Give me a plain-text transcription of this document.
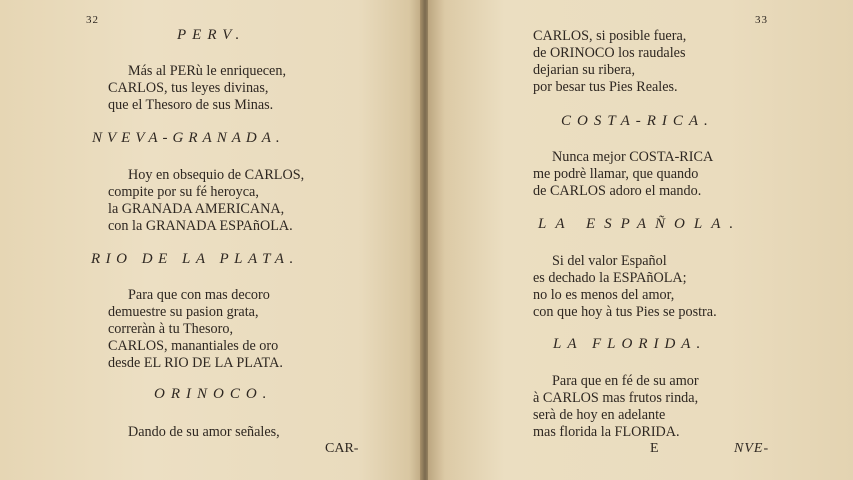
32
PERV.
Más al PERù le enriquecen,
CARLOS, tus leyes divinas,
que el Thesoro de sus Minas.
NVEVA-GRANADA.
Hoy en obsequio de CARLOS,
compite por su fé heroyca,
la GRANADA AMERICANA,
con la GRANADA ESPAñOLA.
RIO DE LA PLATA.
Para que con mas decoro
demuestre su pasion grata,
correràn à tu Thesoro,
CARLOS, manantiales de oro
desde EL RIO DE LA PLATA.
ORINOCO.
Dando de su amor señales,
CAR-
33
CARLOS, si posible fuera,
de ORINOCO los raudales
dejarian su ribera,
por besar tus Pies Reales.
COSTA-RICA.
Nunca mejor COSTA-RICA
me podrè llamar, que quando
de CARLOS adoro el mando.
LA ESPAÑOLA.
Si del valor Español
es dechado la ESPAñOLA;
no lo es menos del amor,
con que hoy à tus Pies se postra.
LA FLORIDA.
Para que en fé de su amor
à CARLOS mas frutos rinda,
serà de hoy en adelante
mas florida la FLORIDA.
E	NVE-
